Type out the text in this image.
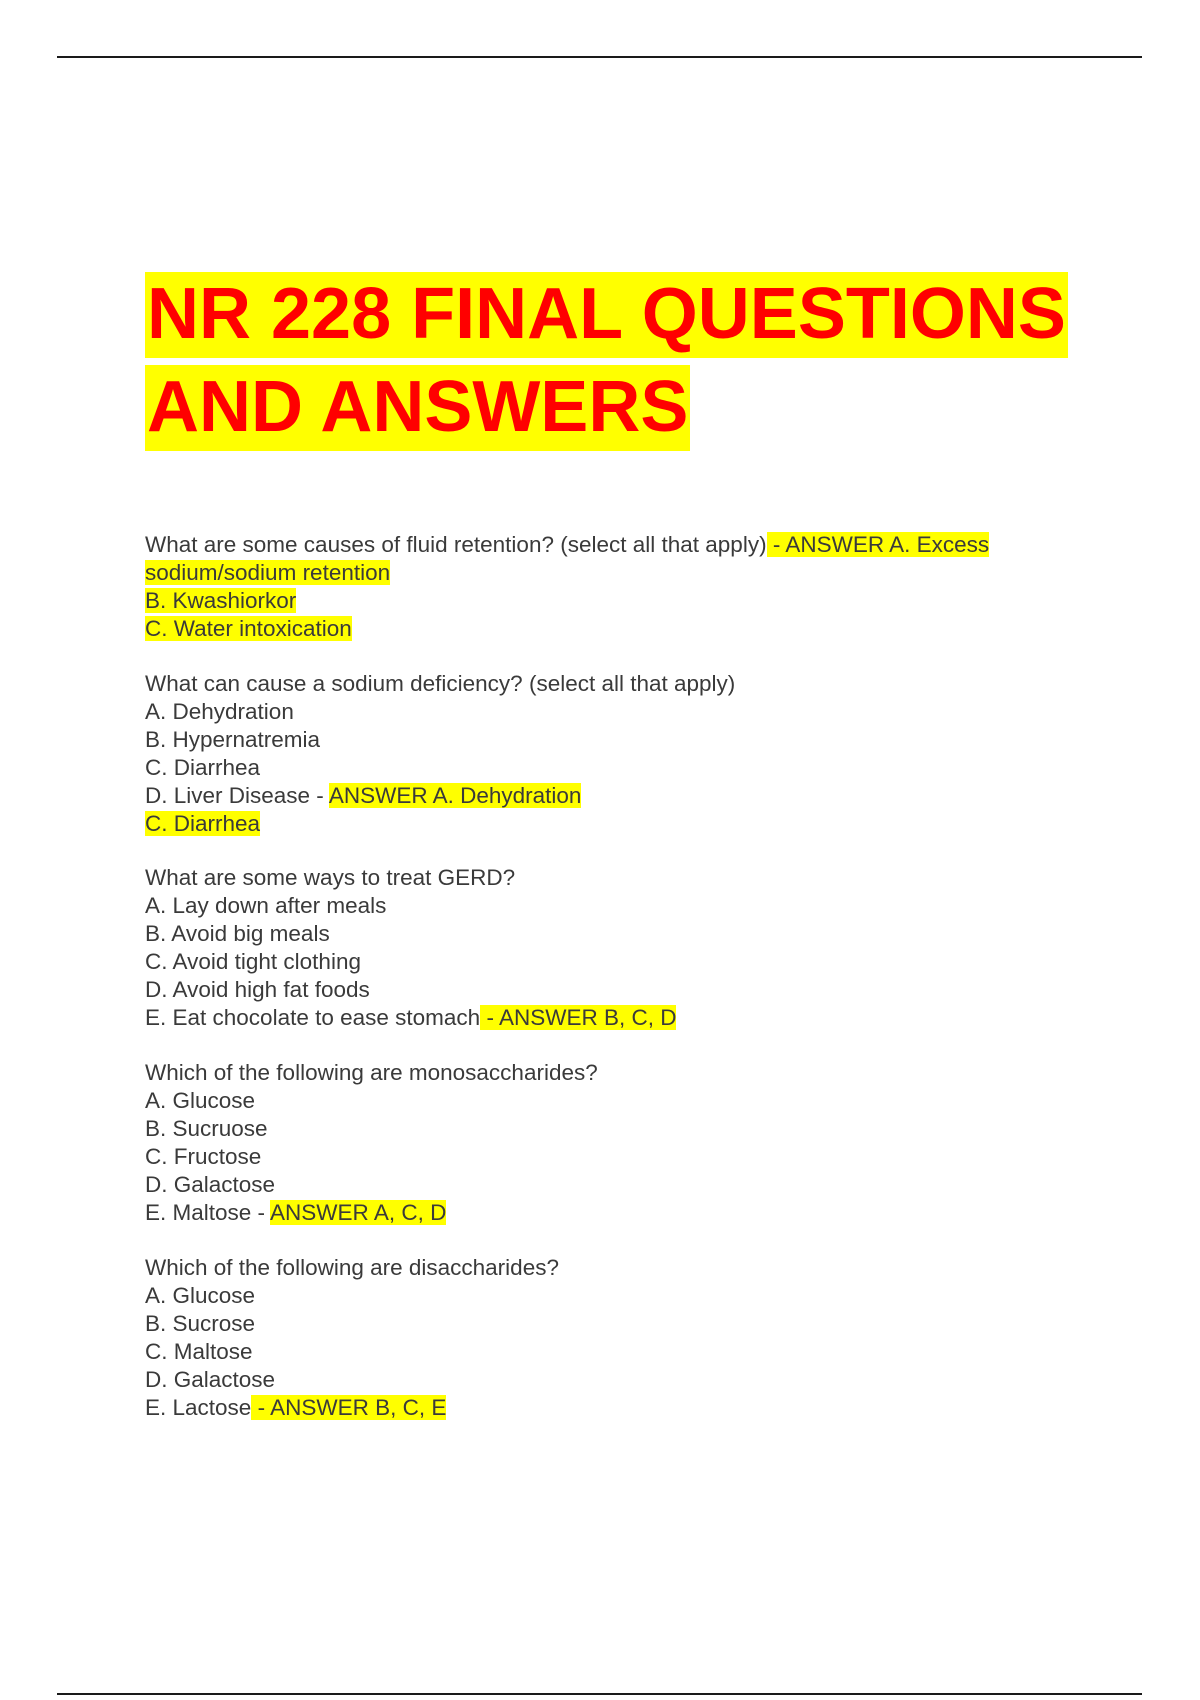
NR 228 FINAL QUESTIONS
AND ANSWERS
What are some causes of fluid retention? (select all that apply) - ANSWER A. Excess
sodium/sodium retention
B. Kwashiorkor
C. Water intoxication
What can cause a sodium deficiency? (select all that apply)
A. Dehydration
B. Hypernatremia
C. Diarrhea
D. Liver Disease - ANSWER A. Dehydration
C. Diarrhea
What are some ways to treat GERD?
A. Lay down after meals
B. Avoid big meals
C. Avoid tight clothing
D. Avoid high fat foods
E. Eat chocolate to ease stomach - ANSWER B, C, D
Which of the following are monosaccharides?
A. Glucose
B. Sucruose
C. Fructose
D. Galactose
E. Maltose - ANSWER A, C, D
Which of the following are disaccharides?
A. Glucose
B. Sucrose
C. Maltose
D. Galactose
E. Lactose - ANSWER B, C, E
